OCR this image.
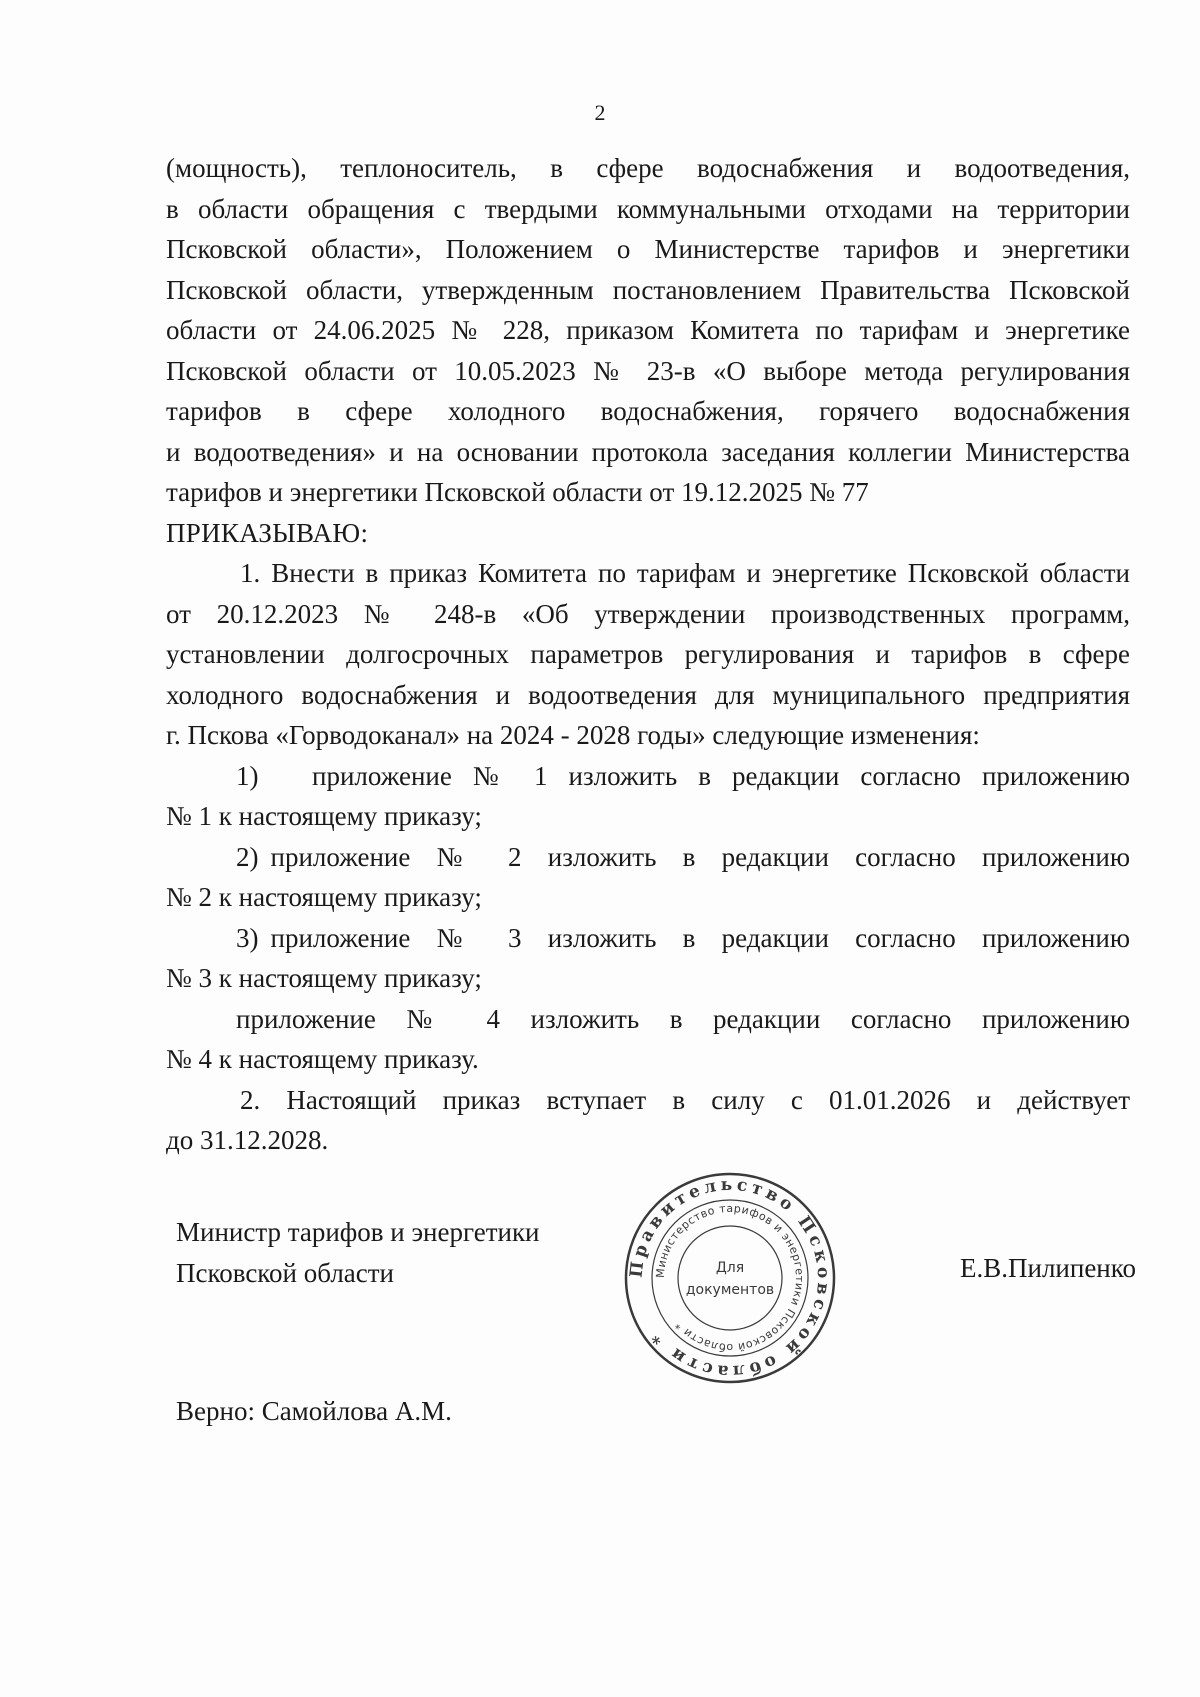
2
(мощность), теплоноситель, в сфере водоснабжения и водоотведения,
в области обращения с твердыми коммунальными отходами на территории
Псковской области», Положением о Министерстве тарифов и энергетики
Псковской области, утвержденным постановлением Правительства Псковской
области от 24.06.2025 № 228, приказом Комитета по тарифам и энергетике
Псковской области от 10.05.2023 № 23-в «О выборе метода регулирования
тарифов в сфере холодного водоснабжения, горячего водоснабжения
и водоотведения» и на основании протокола заседания коллегии Министерства
тарифов и энергетики Псковской области от 19.12.2025 № 77
ПРИКАЗЫВАЮ:
1. Внести в приказ Комитета по тарифам и энергетике Псковской области
от 20.12.2023 № 248-в «Об утверждении производственных программ,
установлении долгосрочных параметров регулирования и тарифов в сфере
холодного водоснабжения и водоотведения для муниципального предприятия
г. Пскова «Горводоканал» на 2024 - 2028 годы» следующие изменения:
1) приложение № 1 изложить в редакции согласно приложению
№ 1 к настоящему приказу;
2) приложение № 2 изложить в редакции согласно приложению
№ 2 к настоящему приказу;
3) приложение № 3 изложить в редакции согласно приложению
№ 3 к настоящему приказу;
приложение № 4 изложить в редакции согласно приложению
№ 4 к настоящему приказу.
2. Настоящий приказ вступает в силу с 01.01.2026 и действует
до 31.12.2028.
Министр тарифов и энергетики
Псковской области	Правительство Псковской области *
Министерство тарифов и энергетики Псковской области *
Для
документов
Е.В.Пилипенко
Верно: Самойлова А.М.
